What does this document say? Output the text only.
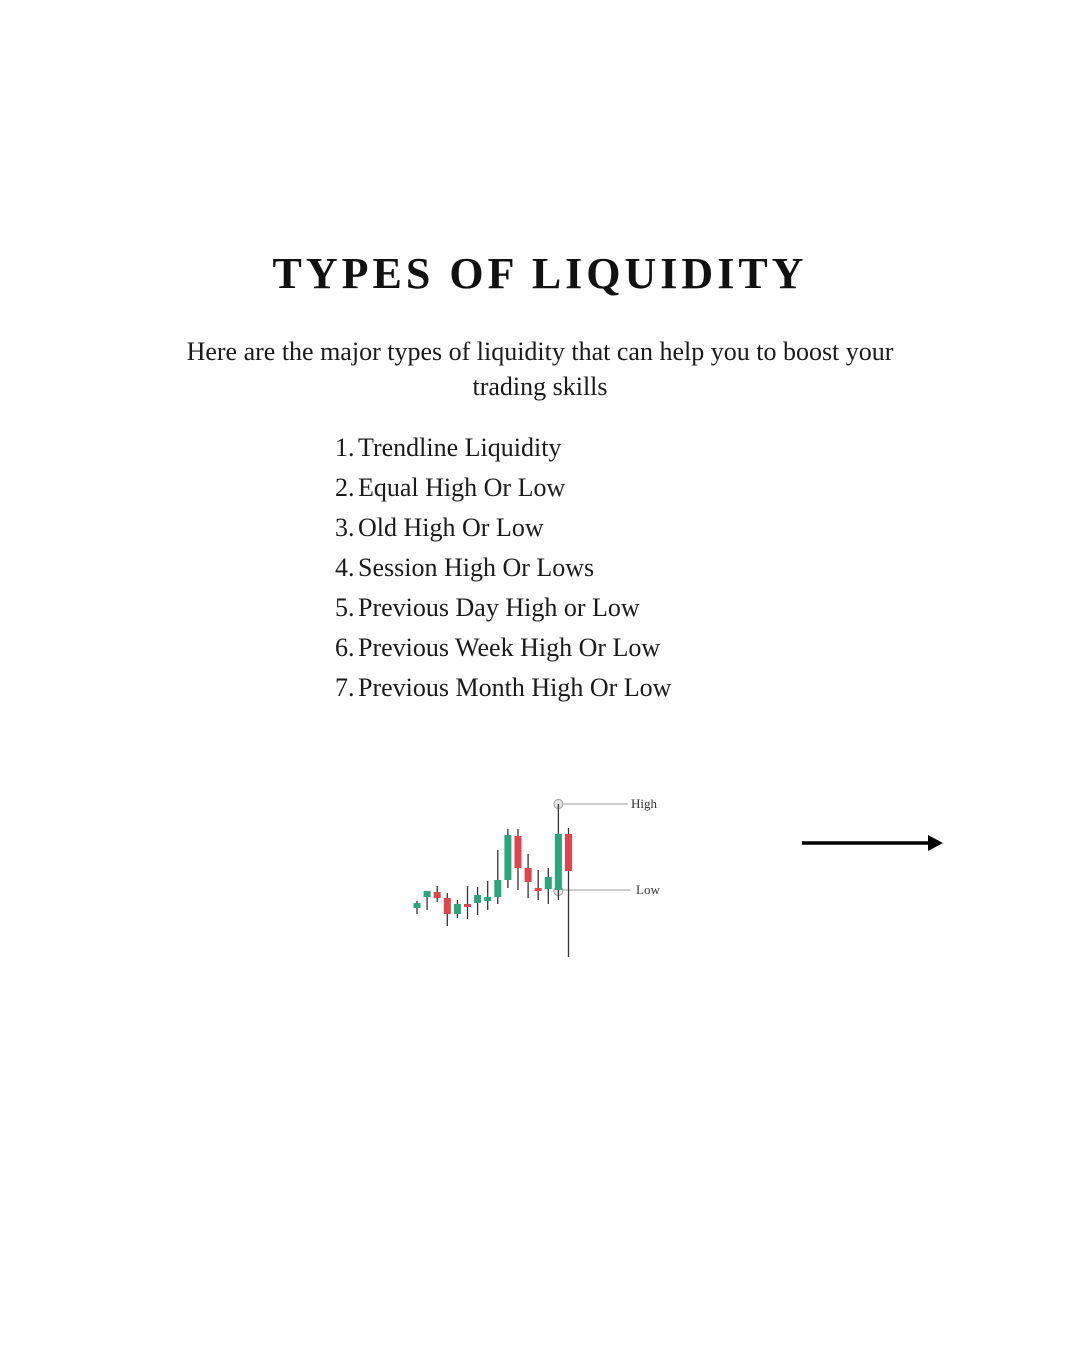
TYPES OF LIQUIDITY

Here are the major types of liquidity that can help you to boost your trading skills

1. Trendline Liquidity
2. Equal High Or Low
3. Old High Or Low
4. Session High Or Lows
5. Previous Day High or Low
6. Previous Week High Or Low
7. Previous Month High Or Low
High
Low
